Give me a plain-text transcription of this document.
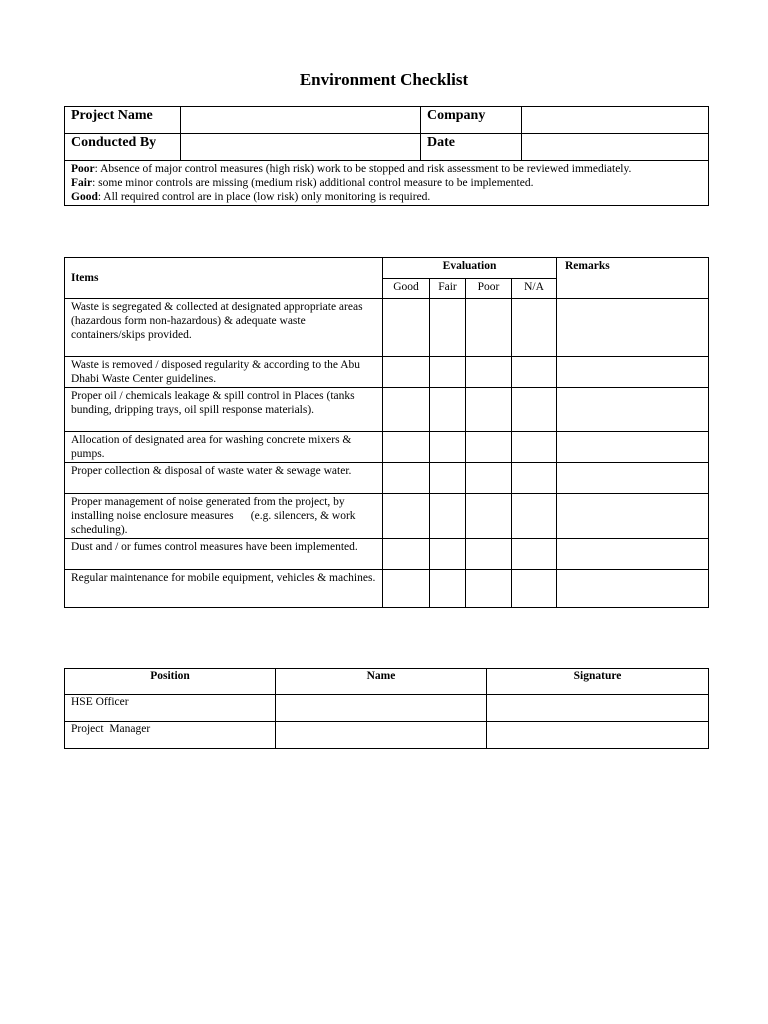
Environment Checklist
Project Name		Company	
Conducted By		Date	

Poor: Absence of major control measures (high risk) work to be stopped and risk assessment to be reviewed immediately.

Fair: some minor controls are missing (medium risk) additional control measure to be implemented.

Good: All required control are in place (low risk) only monitoring is required.			

Items	Evaluation				Remarks
	Good	Fair	Poor	N/A	
Waste is segregated & collected at designated appropriate areas (hazardous form non-hazardous) & adequate waste containers/skips provided.					
Waste is removed / disposed regularity & according to the Abu Dhabi Waste Center guidelines.					
Proper oil / chemicals leakage & spill control in Places (tanks bunding, dripping trays, oil spill response materials).					
Allocation of designated area for washing concrete mixers & pumps.					
Proper collection & disposal of waste water & sewage water.					
Proper management of noise generated from the project, by installing noise enclosure measures      (e.g. silencers, & work scheduling).					
Dust and / or fumes control measures have been implemented.					
Regular maintenance for mobile equipment, vehicles & machines.					
Position	Name	Signature
HSE Officer		
Project  Manager		
